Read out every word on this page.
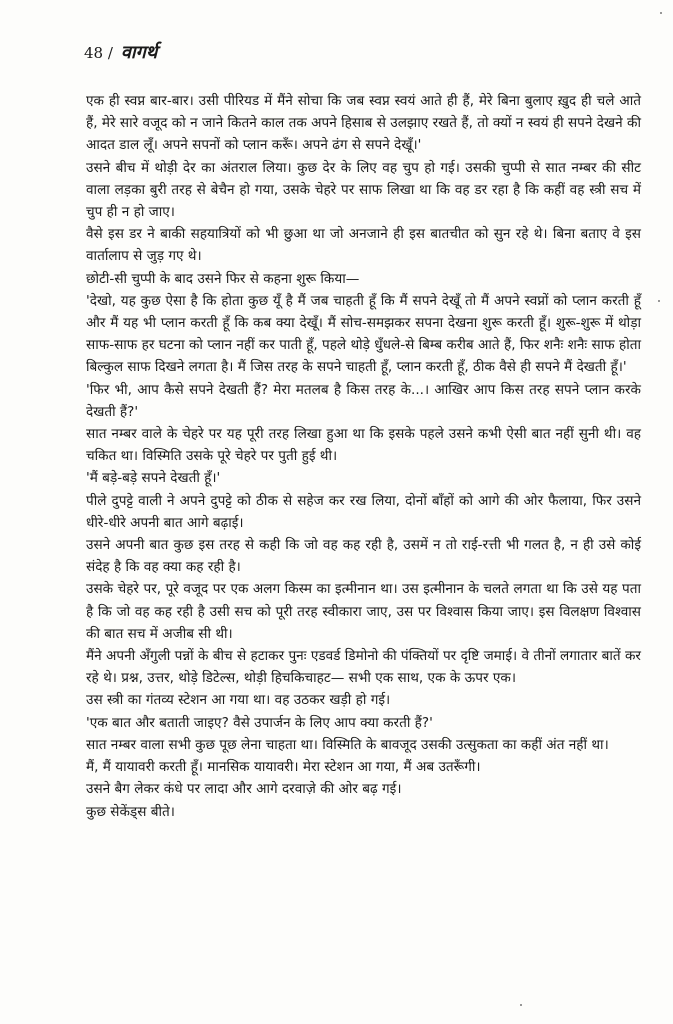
48 / वागर्थ

एक ही स्वप्न बार-बार। उसी पीरियड में मैंने सोचा कि जब स्वप्न स्वयं आते ही हैं, मेरे बिना बुलाए ख़ुद ही चले आते हैं, मेरे सारे वजूद को न जाने कितने काल तक अपने हिसाब से उलझाए रखते हैं, तो क्यों न स्वयं ही सपने देखने की आदत डाल लूँ। अपने सपनों को प्लान करूँ। अपने ढंग से सपने देखूँ।'

उसने बीच में थोड़ी देर का अंतराल लिया। कुछ देर के लिए वह चुप हो गई। उसकी चुप्पी से सात नम्बर की सीट वाला लड़का बुरी तरह से बेचैन हो गया, उसके चेहरे पर साफ लिखा था कि वह डर रहा है कि कहीं वह स्त्री सच में चुप ही न हो जाए।

वैसे इस डर ने बाकी सहयात्रियों को भी छुआ था जो अनजाने ही इस बातचीत को सुन रहे थे। बिना बताए वे इस वार्तालाप से जुड़ गए थे।

छोटी-सी चुप्पी के बाद उसने फिर से कहना शुरू किया—

'देखो, यह कुछ ऐसा है कि होता कुछ यूँ है मैं जब चाहती हूँ कि मैं सपने देखूँ तो मैं अपने स्वप्नों को प्लान करती हूँ और मैं यह भी प्लान करती हूँ कि कब क्या देखूँ। मैं सोच-समझकर सपना देखना शुरू करती हूँ। शुरू-शुरू में थोड़ा साफ-साफ हर घटना को प्लान नहीं कर पाती हूँ, पहले थोड़े धुँधले-से बिम्ब करीब आते हैं, फिर शनैः शनैः साफ होता बिल्कुल साफ दिखने लगता है। मैं जिस तरह के सपने चाहती हूँ, प्लान करती हूँ, ठीक वैसे ही सपने मैं देखती हूँ।'

'फिर भी, आप कैसे सपने देखती हैं? मेरा मतलब है किस तरह के...। आखिर आप किस तरह सपने प्लान करके देखती हैं?'

सात नम्बर वाले के चेहरे पर यह पूरी तरह लिखा हुआ था कि इसके पहले उसने कभी ऐसी बात नहीं सुनी थी। वह चकित था। विस्मिति उसके पूरे चेहरे पर पुती हुई थी।

'मैं बड़े-बड़े सपने देखती हूँ।'

पीले दुपट्टे वाली ने अपने दुपट्टे को ठीक से सहेज कर रख लिया, दोनों बाँहों को आगे की ओर फैलाया, फिर उसने धीरे-धीरे अपनी बात आगे बढ़ाई।

उसने अपनी बात कुछ इस तरह से कही कि जो वह कह रही है, उसमें न तो राई-रत्ती भी गलत है, न ही उसे कोई संदेह है कि वह क्या कह रही है।

उसके चेहरे पर, पूरे वजूद पर एक अलग किस्म का इत्मीनान था। उस इत्मीनान के चलते लगता था कि उसे यह पता है कि जो वह कह रही है उसी सच को पूरी तरह स्वीकारा जाए, उस पर विश्वास किया जाए। इस विलक्षण विश्वास की बात सच में अजीब सी थी।

मैंने अपनी अँगुली पन्नों के बीच से हटाकर पुनः एडवर्ड डिमोनो की पंक्तियों पर दृष्टि जमाई। वे तीनों लगातार बातें कर रहे थे। प्रश्न, उत्तर, थोड़े डिटेल्स, थोड़ी हिचकिचाहट— सभी एक साथ, एक के ऊपर एक।

उस स्त्री का गंतव्य स्टेशन आ गया था। वह उठकर खड़ी हो गई।

'एक बात और बताती जाइए? वैसे उपार्जन के लिए आप क्या करती हैं?'

सात नम्बर वाला सभी कुछ पूछ लेना चाहता था। विस्मिति के बावजूद उसकी उत्सुकता का कहीं अंत नहीं था।

मैं, मैं यायावरी करती हूँ। मानसिक यायावरी। मेरा स्टेशन आ गया, मैं अब उतरूँगी।

उसने बैग लेकर कंधे पर लादा और आगे दरवाज़े की ओर बढ़ गई।

कुछ सेकेंड्स बीते।
